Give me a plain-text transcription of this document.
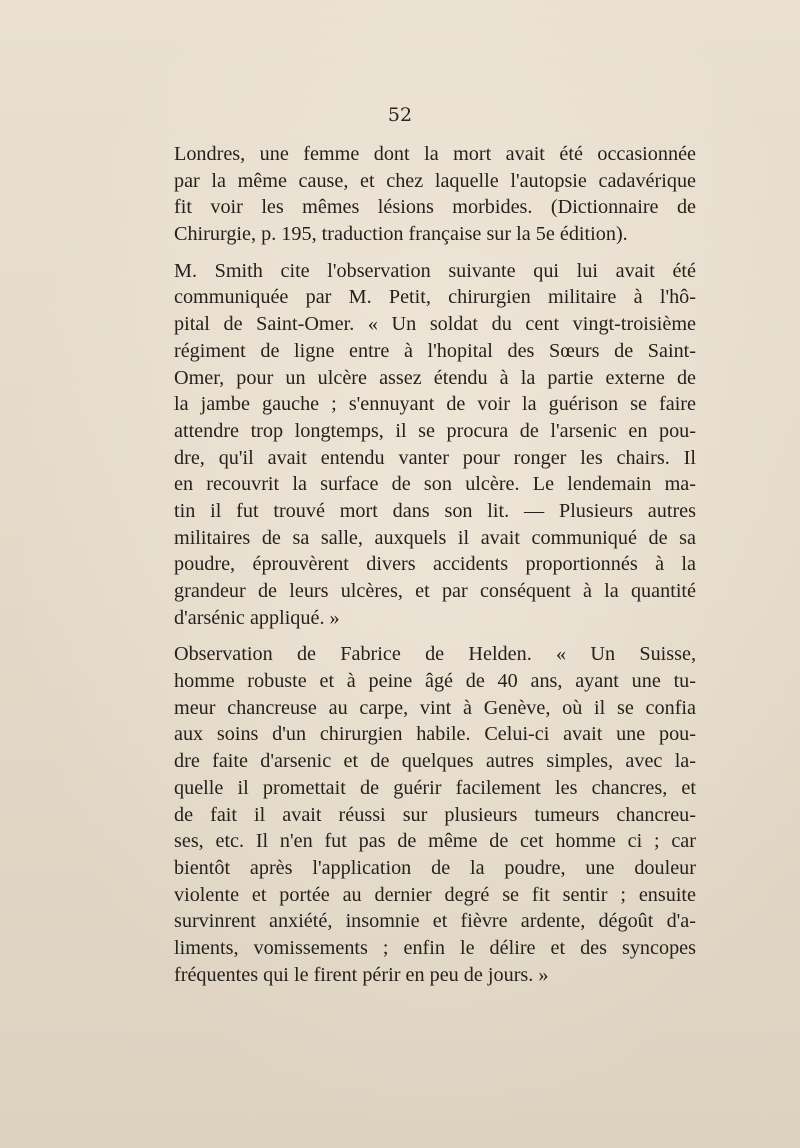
52
Londres, une femme dont la mort avait été occasionnée
par la même cause, et chez laquelle l'autopsie cadavérique
fit voir les mêmes lésions morbides. (Dictionnaire de
Chirurgie, p. 195, traduction française sur la 5e édition).
M. Smith cite l'observation suivante qui lui avait été
communiquée par M. Petit, chirurgien militaire à l'hô-
pital de Saint-Omer. « Un soldat du cent vingt-troisième
régiment de ligne entre à l'hopital des Sœurs de Saint-
Omer, pour un ulcère assez étendu à la partie externe de
la jambe gauche ; s'ennuyant de voir la guérison se faire
attendre trop longtemps, il se procura de l'arsenic en pou-
dre, qu'il avait entendu vanter pour ronger les chairs. Il
en recouvrit la surface de son ulcère. Le lendemain ma-
tin il fut trouvé mort dans son lit. — Plusieurs autres
militaires de sa salle, auxquels il avait communiqué de sa
poudre, éprouvèrent divers accidents proportionnés à la
grandeur de leurs ulcères, et par conséquent à la quantité
d'arsénic appliqué. »
Observation de Fabrice de Helden. « Un Suisse,
homme robuste et à peine âgé de 40 ans, ayant une tu-
meur chancreuse au carpe, vint à Genève, où il se confia
aux soins d'un chirurgien habile. Celui-ci avait une pou-
dre faite d'arsenic et de quelques autres simples, avec la-
quelle il promettait de guérir facilement les chancres, et
de fait il avait réussi sur plusieurs tumeurs chancreu-
ses, etc. Il n'en fut pas de même de cet homme ci ; car
bientôt après l'application de la poudre, une douleur
violente et portée au dernier degré se fit sentir ; ensuite
survinrent anxiété, insomnie et fièvre ardente, dégoût d'a-
liments, vomissements ; enfin le délire et des syncopes
fréquentes qui le firent périr en peu de jours. »
